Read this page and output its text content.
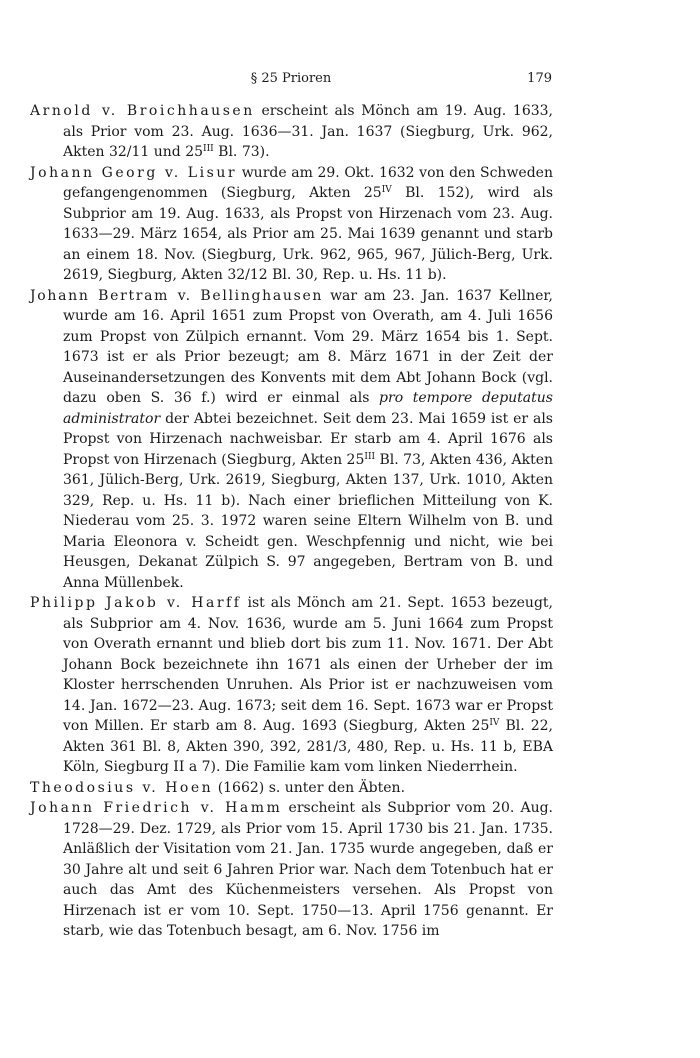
§ 25 Prioren	179

Arnold v. Broichhausen erscheint als Mönch am 19. Aug. 1633, als Prior vom 23. Aug. 1636—31. Jan. 1637 (Siegburg, Urk. 962, Akten 32/11 und $25^{III}$ Bl. 73).

Johann Georg v. Lisur wurde am 29. Okt. 1632 von den Schweden gefangengenommen (Siegburg, Akten $25^{IV}$ Bl. 152), wird als Subprior am 19. Aug. 1633, als Propst von Hirzenach vom 23. Aug. 1633—29. März 1654, als Prior am 25. Mai 1639 genannt und starb an einem 18. Nov. (Siegburg, Urk. 962, 965, 967, Jülich-Berg, Urk. 2619, Siegburg, Akten 32/12 Bl. 30, Rep. u. Hs. 11 b).

Johann Bertram v. Bellinghausen war am 23. Jan. 1637 Kellner, wurde am 16. April 1651 zum Propst von Overath, am 4. Juli 1656 zum Propst von Zülpich ernannt. Vom 29. März 1654 bis 1. Sept. 1673 ist er als Prior bezeugt; am 8. März 1671 in der Zeit der Auseinandersetzungen des Konvents mit dem Abt Johann Bock (vgl. dazu oben S. 36 f.) wird er einmal als pro tempore deputatus administrator der Abtei bezeichnet. Seit dem 23. Mai 1659 ist er als Propst von Hirzenach nachweisbar. Er starb am 4. April 1676 als Propst von Hirzenach (Siegburg, Akten $25^{III}$ Bl. 73, Akten 436, Akten 361, Jülich-Berg, Urk. 2619, Siegburg, Akten 137, Urk. 1010, Akten 329, Rep. u. Hs. 11 b). Nach einer brieflichen Mitteilung von K. Niederau vom 25. 3. 1972 waren seine Eltern Wilhelm von B. und Maria Eleonora v. Scheidt gen. Weschpfennig und nicht, wie bei Heusgen, Dekanat Zülpich S. 97 angegeben, Bertram von B. und Anna Müllenbek.

Philipp Jakob v. Harff ist als Mönch am 21. Sept. 1653 bezeugt, als Subprior am 4. Nov. 1636, wurde am 5. Juni 1664 zum Propst von Overath ernannt und blieb dort bis zum 11. Nov. 1671. Der Abt Johann Bock bezeichnete ihn 1671 als einen der Urheber der im Kloster herrschenden Unruhen. Als Prior ist er nachzuweisen vom 14. Jan. 1672—23. Aug. 1673; seit dem 16. Sept. 1673 war er Propst von Millen. Er starb am 8. Aug. 1693 (Siegburg, Akten $25^{IV}$ Bl. 22, Akten 361 Bl. 8, Akten 390, 392, 281/3, 480, Rep. u. Hs. 11 b, EBA Köln, Siegburg II a 7). Die Familie kam vom linken Niederrhein.

Theodosius v. Hoen (1662) s. unter den Äbten.

Johann Friedrich v. Hamm erscheint als Subprior vom 20. Aug. 1728—29. Dez. 1729, als Prior vom 15. April 1730 bis 21. Jan. 1735. Anläßlich der Visitation vom 21. Jan. 1735 wurde angegeben, daß er 30 Jahre alt und seit 6 Jahren Prior war. Nach dem Totenbuch hat er auch das Amt des Küchenmeisters versehen. Als Propst von Hirzenach ist er vom 10. Sept. 1750—13. April 1756 genannt. Er starb, wie das Totenbuch besagt, am 6. Nov. 1756 im
